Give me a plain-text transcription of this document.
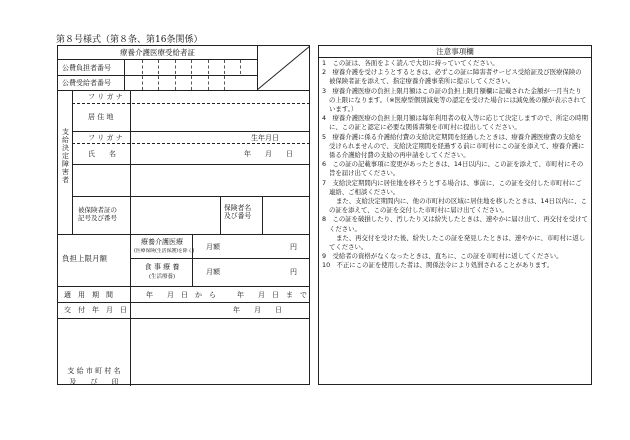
第８号様式（第８条、第16条関係）
療養介護医療受給者証
公費負担者番号
公費受給者番号
支給決定障害者
フ リ ガ ナ
居 住 地
フ リ ガ ナ	生年月日
氏　　名	年　　月　　日
被保険者証の
記号及び番号
保険者名
及び番号
負担上限月額
療養介護医療
(医療保険(生活保護)を除く)
月額	円
食 事 療 養
(生活療養)
月額	円
適　用　期　間	年　　月　日　か　ら　　　年　　月　日　ま　で
交　付　年　月　日	年　　月　　日
支 給 市 町 村 名
及　　び　　印
注意事項欄

1　この証は、各面をよく読んで大切に持っていてください。

2　療養介護を受けようとするときは、必ずこの証に障害者サービス受給証及び医療保険の被保険者証を添えて、指定療養介護事業所に提示してください。

3　療養介護医療の負担上限月額はこの証の負担上限月額欄に記載された金額が一月当たりの上限になります。（※医療型個別減免等の認定を受けた場合には減免後の額が表示されています。）

4　療養介護医療の負担上限月額は毎年利用者の収入等に応じて決定しますので、所定の時期に、この証と認定に必要な関係書類を市町村に提出してください。

5　療養介護に係る介護給付費の支給決定期間を経過したときは、療養介護医療費の支給を受けられませんので、支給決定期間を経過する前に市町村にこの証を添えて、療養介護に係る介護給付費の支給の再申請をしてください。

6　この証の記載事項に変更があったときは、14日以内に、この証を添えて、市町村にその旨を届け出てください。

7　支給決定期間内に居住地を移そうとする場合は、事前に、この証を交付した市町村にご連絡、ご相談ください。
また、支給決定期間内に、他の市町村の区域に居住地を移したときは、14日以内に、この証を添えて、この証を交付した市町村に届け出てください。

8　この証を破損したり、汚したり又は紛失したときは、速やかに届け出て、再交付を受けてください。
また、再交付を受けた後、紛失したこの証を発見したときは、速やかに、市町村に返してください。

9　受給者の資格がなくなったときは、直ちに、この証を市町村に返してください。

10　不正にこの証を使用した者は、関係法令により処罰されることがあります。
